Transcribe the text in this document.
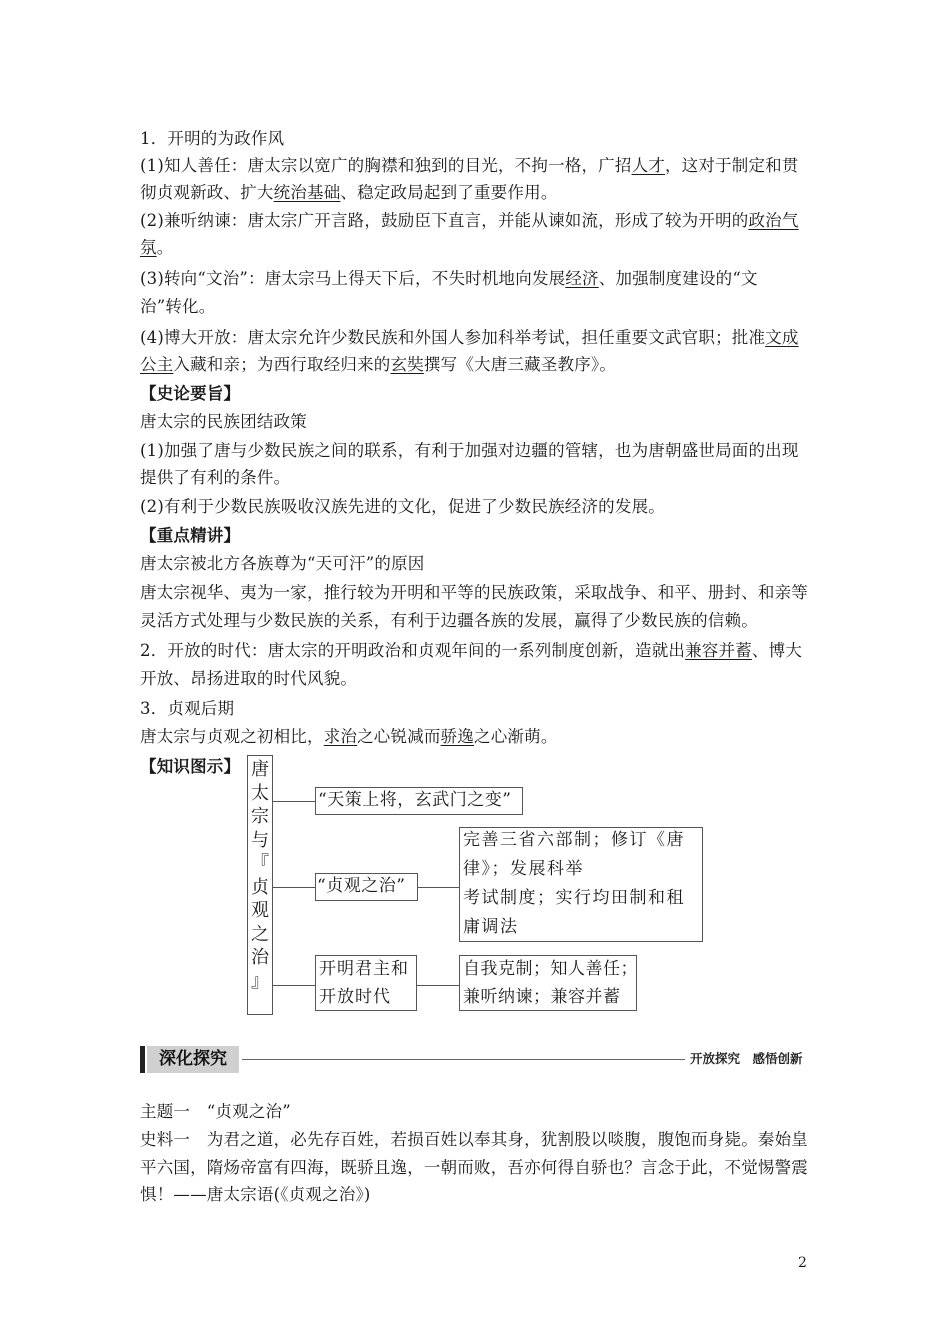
1．开明的为政作风
(1)知人善任：唐太宗以宽广的胸襟和独到的目光，不拘一格，广招人才，这对于制定和贯
彻贞观新政、扩大统治基础、稳定政局起到了重要作用。
(2)兼听纳谏：唐太宗广开言路，鼓励臣下直言，并能从谏如流，形成了较为开明的政治气
氛。
(3)转向“文治”：唐太宗马上得天下后，不失时机地向发展经济、加强制度建设的“文
治”转化。
(4)博大开放：唐太宗允许少数民族和外国人参加科举考试，担任重要文武官职；批准文成
公主入藏和亲；为西行取经归来的玄奘撰写《大唐三藏圣教序》。
【史论要旨】
唐太宗的民族团结政策
(1)加强了唐与少数民族之间的联系，有利于加强对边疆的管辖，也为唐朝盛世局面的出现
提供了有利的条件。
(2)有利于少数民族吸收汉族先进的文化，促进了少数民族经济的发展。
【重点精讲】
唐太宗被北方各族尊为“天可汗”的原因
唐太宗视华、夷为一家，推行较为开明和平等的民族政策，采取战争、和平、册封、和亲等
灵活方式处理与少数民族的关系，有利于边疆各族的发展，赢得了少数民族的信赖。
2．开放的时代：唐太宗的开明政治和贞观年间的一系列制度创新，造就出兼容并蓄、博大
开放、昂扬进取的时代风貌。
3．贞观后期
唐太宗与贞观之初相比，求治之心锐减而骄逸之心渐萌。
【知识图示】
主题一　“贞观之治”
史料一　为君之道，必先存百姓，若损百姓以奉其身，犹割股以啖腹，腹饱而身毙。秦始皇
平六国，隋炀帝富有四海，既骄且逸，一朝而败，吾亦何得自骄也？言念于此，不觉惕警震
惧！——唐太宗语(《贞观之治》)
唐
太
宗
与
『
贞
观
之
治
』
“天策上将，玄武门之变”
“贞观之治”
完善三省六部制；修订《唐
律》；发展科举
考试制度；实行均田制和租
庸调法
开明君主和
开放时代
自我克制；知人善任；
兼听纳谏；兼容并蓄
深化探究	开放探究　感悟创新
2
